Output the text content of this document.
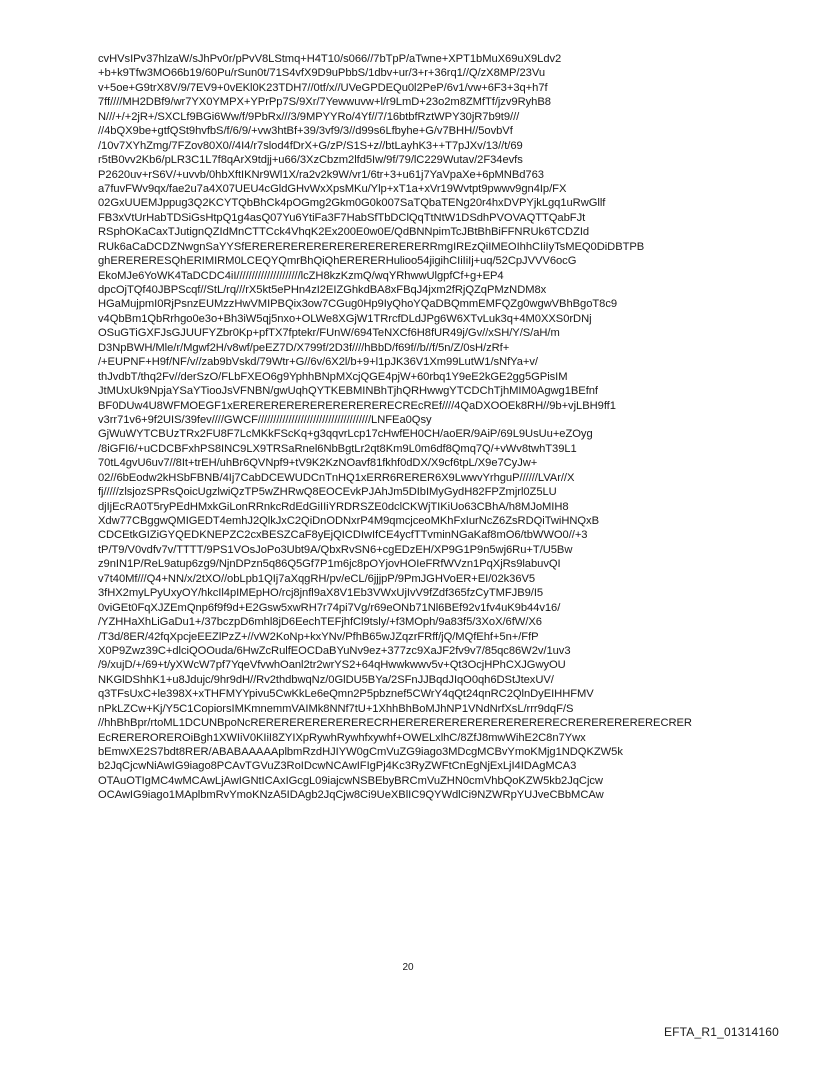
cvHVsIPv37hlzaW/sJhPv0r/pPvV8LStmq+H4T10/s066//7bTpP/aTwne+XPT1bMuX69uX9Ldv2
+b+k9Tfw3MO66b19/60Pu/rSun0t/71S4vfX9D9uPbbS/1dbv+ur/3+r+36rq1//Q/zX8MP/23Vu
v+5oe+G9trX8V/9/7EV9+0vEKl0K23TDH7//0tf/x//UVeGPDEQu0l2PeP/6v1/vw+6F3+3q+h7f
7ff////MH2DBf9/wr7YX0YMPX+YPrPp7S/9Xr/7Yewwuvw+l/r9LmD+23o2m8ZMfTf/jzv9RyhB8
N///+/+2jR+/SXCLf9BGi6Ww/f/9PbRx///3/9MPYYRo/4Yf//7/16btbfRztWPY30jR7b9t9///
//4bQX9be+gtfQSt9hvfbS/f/6/9/+vw3htBf+39/3vf9/3//d99s6Lfbyhe+G/v7BHH//5ovbVf
/10v7XYhZmg/7FZov80X0//4I4/r7slod4fDrX+G/zP/S1S+z//btLayhK3++T7pJXv/13//t/69
r5tB0vv2Kb6/pLR3C1L7f8qArX9tdjj+u66/3XzCbzm2lfd5Iw/9f/79/lC229Wutav/2F34evfs
P2620uv+rS6V/+uvvb/0hbXftIKNr9Wl1X/ra2v2k9W/vr1/6tr+3+u61j7YaVpaXe+6pMNBd763
a7fuvFWv9qx/fae2u7a4X07UEU4cGldGHvWxXpsMKu/Ylp+xT1a+xVr19Wvtpt9pwwv9gn4Ip/FX
02GxUUEMJppug3Q2KCYTQbBhCk4pOGmg2Gkm0G0k007SaTQbaTENg20r4hxDVPYjkLgq1uRwGllf
FB3xVtUrHabTDSiGsHtpQ1g4asQ07Yu6YtiFa3F7HabSfTbDClQqTtNtW1DSdhPVOVAQTTQabFJt
RSphOKaCaxTJutignQZIdMnCTTCck4VhqK2Ex200E0w0E/QdBNNpimTcJBtBhBiFFNRUk6TCDZId
RUk6aCaDCDZNwgnSaYYSfERERERERERERERERERERERERRmgIREzQiIMEOIhhCIiIyTsMEQ0DiDBTPB
ghERERERESQhERIMIRM0LCEQYQmrBhQiQhERERERHulioo54jigihCIiIiIj+uq/52CpJVVV6ocG
EkoMJe6YoWK4TaDCDC4iI/////////////////////lcZH8kzKzmQ/wqYRhwwUlgpfCf+g+EP4
dpcOjTQf40JBPScqf//StL/rq///rX5kt5ePHn4zI2EIZGhkdBA8xFBqJ4jxm2fRjQZqPMzNDM8x
HGaMujpmI0RjPsnzEUMzzHwVMIPBQix3ow7CGug0Hp9IyQhoYQaDBQmmEMFQZg0wgwVBhBgoT8c9
v4QbBm1QbRrhgo0e3o+Bh3iW5qj5nxo+OLWe8XGjW1TRrcfDLdJPg6W6XTvLuk3q+4M0XXS0rDNj
OSuGTiGXFJsGJUUFYZbr0Kp+pfTX7fptekr/FUnW/694TeNXCf6H8fUR49j/Gv//xSH/Y/S/aH/m
D3NpBWH/Mle/r/Mgwf2H/v8wf/peEZ7D/X799f/2D3f////hBbD/f69f//b//f/5n/Z/0sH/zRf+
/+EUPNF+H9f/NF/v//zab9bVskd/79Wtr+G//6v/6X2l/b+9+l1pJK36V1Xm99LutW1/sNfYa+v/
thJvdbT/thq2Fv//derSzO/FLbFXEO6g9YphhBNpMXcjQGE4pjW+60rbq1Y9eE2kGE2gg5GPisIM
JtMUxUk9NpjaYSaYTiooJsVFNBN/gwUqhQYTKEBMINBhTjhQRHwwgYTCDChTjhMIM0Agwg1BEfnf
BF0DUw4U8WFMOEGF1xERERERERERERERERERERECREcREf////4QaDXOOEk8RH//9b+vjLBH9ff1
v3rr71v6+9f2UIS/39fev////GWCF/////////////////////////////////////LNFEa0Qsy
GjWuWYTCBUzTRx2FU8F7LcMKkFScKq+g3qqvrLcp17cHwfEH0CH/aoER/9AiP/69L9UsUu+eZOyg
/8iGFI6/+uCDCBFxhPS8INC9LX9TRSaRnel6NbBgtLr2qt8Km9L0m6df8Qmq7Q/+vWv8twhT39L1
70tL4gvU6uv7//8It+trEH/uhBr6QVNpf9+tV9K2KzNOavf81fkhf0dDX/X9cf6tpL/X9e7CyJw+
02//6bEodw2kHSbFBNB/4Ij7CabDCEWUDCnTnHQ1xERR6RERER6X9LwwvYrhguP//////LVAr//X
fj/////zlsjozSPRsQoicUgzlwiQzTP5wZHRwQ8EOCEvkPJAhJm5DIbIMyGydH82FPZmjrl0Z5LU
djIjEcRA0T5ryPEdHMxkGiLonRRnkcRdEdGiIIiYRDRSZE0dclCKWjTIKiUo63CBhA/h8MJoMIH8
Xdw77CBggwQMIGEDT4emhJ2QlkJxC2QiDnODNxrP4M9qmcjceoMKhFxIurNcZ6ZsRDQiTwiHNQxB
CDCEtkGIZiGYQEDKNEPZC2cxBESZCaF8yEjQICDIwIfCE4ycfTTvminNGaKaf8mO6/tbWWO0//+3
tP/T9/V0vdfv7v/TTTT/9PS1VOsJoPo3Ubt9A/QbxRvSN6+cgEDzEH/XP9G1P9n5wj6Ru+T/U5Bw
z9nIN1P/ReL9atup6zg9/NjnDPzn5q86Q5Gf7P1m6jc8pOYjovHOIeFRfWVzn1PqXjRs9labuvQI
v7t40Mf///Q4+NN/x/2tXO//obLpb1QIj7aXqgRH/pv/eCL/6jjjpP/9PmJGHVoER+EI/02k36V5
3fHX2myLPyUxyOY/hkcIl4pIMEpHO/rcj8jnfl9aX8V1Eb3VWxUjIvV9fZdf365fzCyTMFJB9/I5
0viGEt0FqXJZEmQnp6f9f9d+E2Gsw5xwRH7r74pi7Vg/r69eONb71Nl6BEf92v1fv4uK9b44v16/
/YZHHaXhLiGaDu1+/37bczpD6mhl8jD6EechTEFjhfCl9tsly/+f3MOph/9a83f5/3XoX/6fW/X6
/T3d/8ER/42fqXpcjeEEZlPzZ+//vW2KoNp+kxYNv/PfhB65wJZqzrFRff/jQ/MQfEhf+5n+/FfP
X0P9Zwz39C+dlciQOOuda/6HwZcRulfEOCDaBYuNv9ez+377zc9XaJF2fv9v7/85qc86W2v/1uv3
/9/xujD/+/69+t/yXWcW7pf7YqeVfvwhOanl2tr2wrYS2+64qHwwkwwv5v+Qt3OcjHPhCXJGwyOU
NKGlDShhK1+u8Jdujc/9hr9dH//Rv2thdbwqNz/0GlDU5BYa/2SFnJJBqdJIqO0qh6DStJtexUV/
q3TFsUxC+le398X+xTHFMYYpivu5CwKkLe6eQmn2P5pbznef5CWrY4qQt24qnRC2QlnDyEIHHFMV
nPkLZCw+Kj/Y5C1CopiorsIMKmnemmVAIMk8NNf7tU+1XhhBhBoMJhNP1VNdNrfXsL/rrr9dqF/S
//hhBhBpr/rtoML1DCUNBpoNcRERERERERERERERECRHERERERERERERERERERERECRERERERERERECRER
EcREREROREROiBgh1XWIiV0KIiI8ZYIXpRywhRywhfxywhf+OWELxlhC/8ZfJ8mwWihE2C8n7Ywx
bEmwXE2S7bdt8RER/ABABAAAAAplbmRzdHJIYW0gCmVuZG9iago3MDcgMCBvYmoKMjg1NDQKZW5k
b2JqCjcwNiAwIG9iago8PCAvTGVuZ3RoIDcwNCAwIFIgPj4Kc3RyZWFtCnEgNjExLjI4IDAgMCA3
OTAuOTIgMC4wMCAwLjAwIGNtICAxIGcgL09iajcwNSBEbyBRCmVuZHN0cmVhbQoKZW5kb2JqCjcw
OCAwIG9iago1MAplbmRvYmoKNzA5IDAgb2JqCjw8Ci9UeXBlIC9QYWdlCi9NZWRpYUJveCBbMCAw
20
EFTA_R1_01314160
